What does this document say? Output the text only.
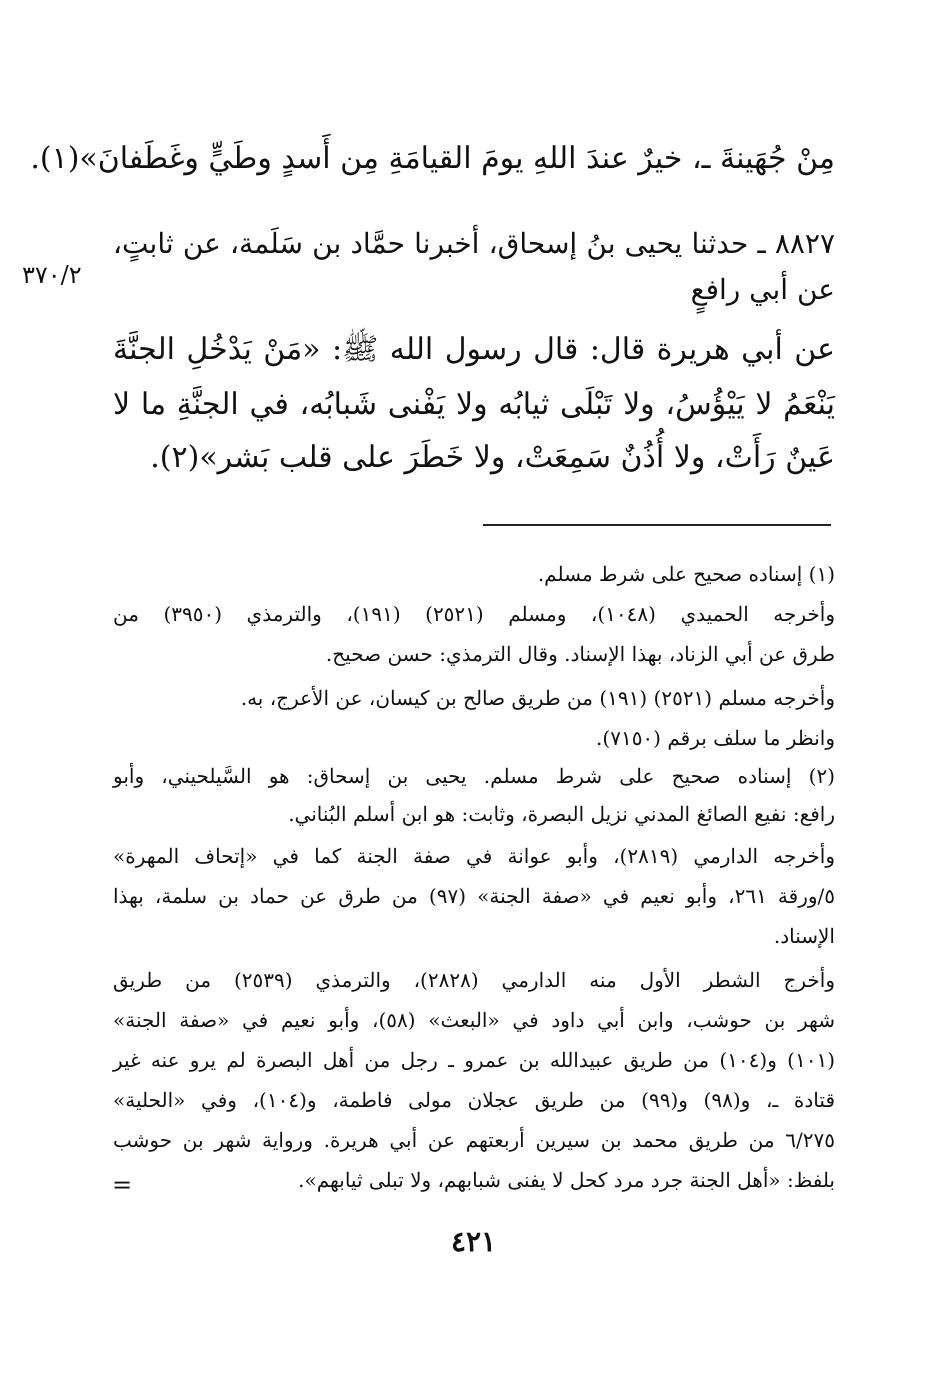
مِنْ جُهَينةَ ـ، خيرٌ عندَ اللهِ يومَ القيامَةِ مِن أَسدٍ وطَيٍّ وغَطَفانَ»(١).
٨٨٢٧ ـ حدثنا يحيى بنُ إسحاق، أخبرنا حمَّاد بن سَلَمة، عن ثابتٍ،
عن أبي رافعٍ
عن أبي هريرة قال: قال رسول الله ﷺ: «مَنْ يَدْخُلِ الجنَّةَ
يَنْعَمُ لا يَيْؤُسُ، ولا تَبْلَى ثيابُه ولا يَفْنى شَبابُه، في الجنَّةِ ما لا
عَينٌ رَأَتْ، ولا أُذُنٌ سَمِعَتْ، ولا خَطَرَ على قلب بَشر»(٢).
٣٧٠/٢
(١) إسناده صحيح على شرط مسلم.
وأخرجه الحميدي (١٠٤٨)، ومسلم (٢٥٢١) (١٩١)، والترمذي (٣٩٥٠) من
طرق عن أبي الزناد، بهذا الإسناد. وقال الترمذي: حسن صحيح.
وأخرجه مسلم (٢٥٢١) (١٩١) من طريق صالح بن كيسان، عن الأعرج، به.
وانظر ما سلف برقم (٧١٥٠).
(٢) إسناده صحيح على شرط مسلم. يحيى بن إسحاق: هو السَّيلحيني، وأبو
رافع: نفيع الصائغ المدني نزيل البصرة، وثابت: هو ابن أسلم البُناني.
وأخرجه الدارمي (٢٨١٩)، وأبو عوانة في صفة الجنة كما في «إتحاف المهرة»
٥/ورقة ٢٦١، وأبو نعيم في «صفة الجنة» (٩٧) من طرق عن حماد بن سلمة، بهذا
الإسناد.
وأخرج الشطر الأول منه الدارمي (٢٨٢٨)، والترمذي (٢٥٣٩) من طريق
شهر بن حوشب، وابن أبي داود في «البعث» (٥٨)، وأبو نعيم في «صفة الجنة»
(١٠١) و(١٠٤) من طريق عبيدالله بن عمرو ـ رجل من أهل البصرة لم يرو عنه غير
قتادة ـ، و(٩٨) و(٩٩) من طريق عجلان مولى فاطمة، و(١٠٤)، وفي «الحلية»
٦/٢٧٥ من طريق محمد بن سيرين أربعتهم عن أبي هريرة. ورواية شهر بن حوشب
بلفظ: «أهل الجنة جرد مرد كحل لا يفنى شبابهم، ولا تبلى ثيابهم».
=
٤٢١
